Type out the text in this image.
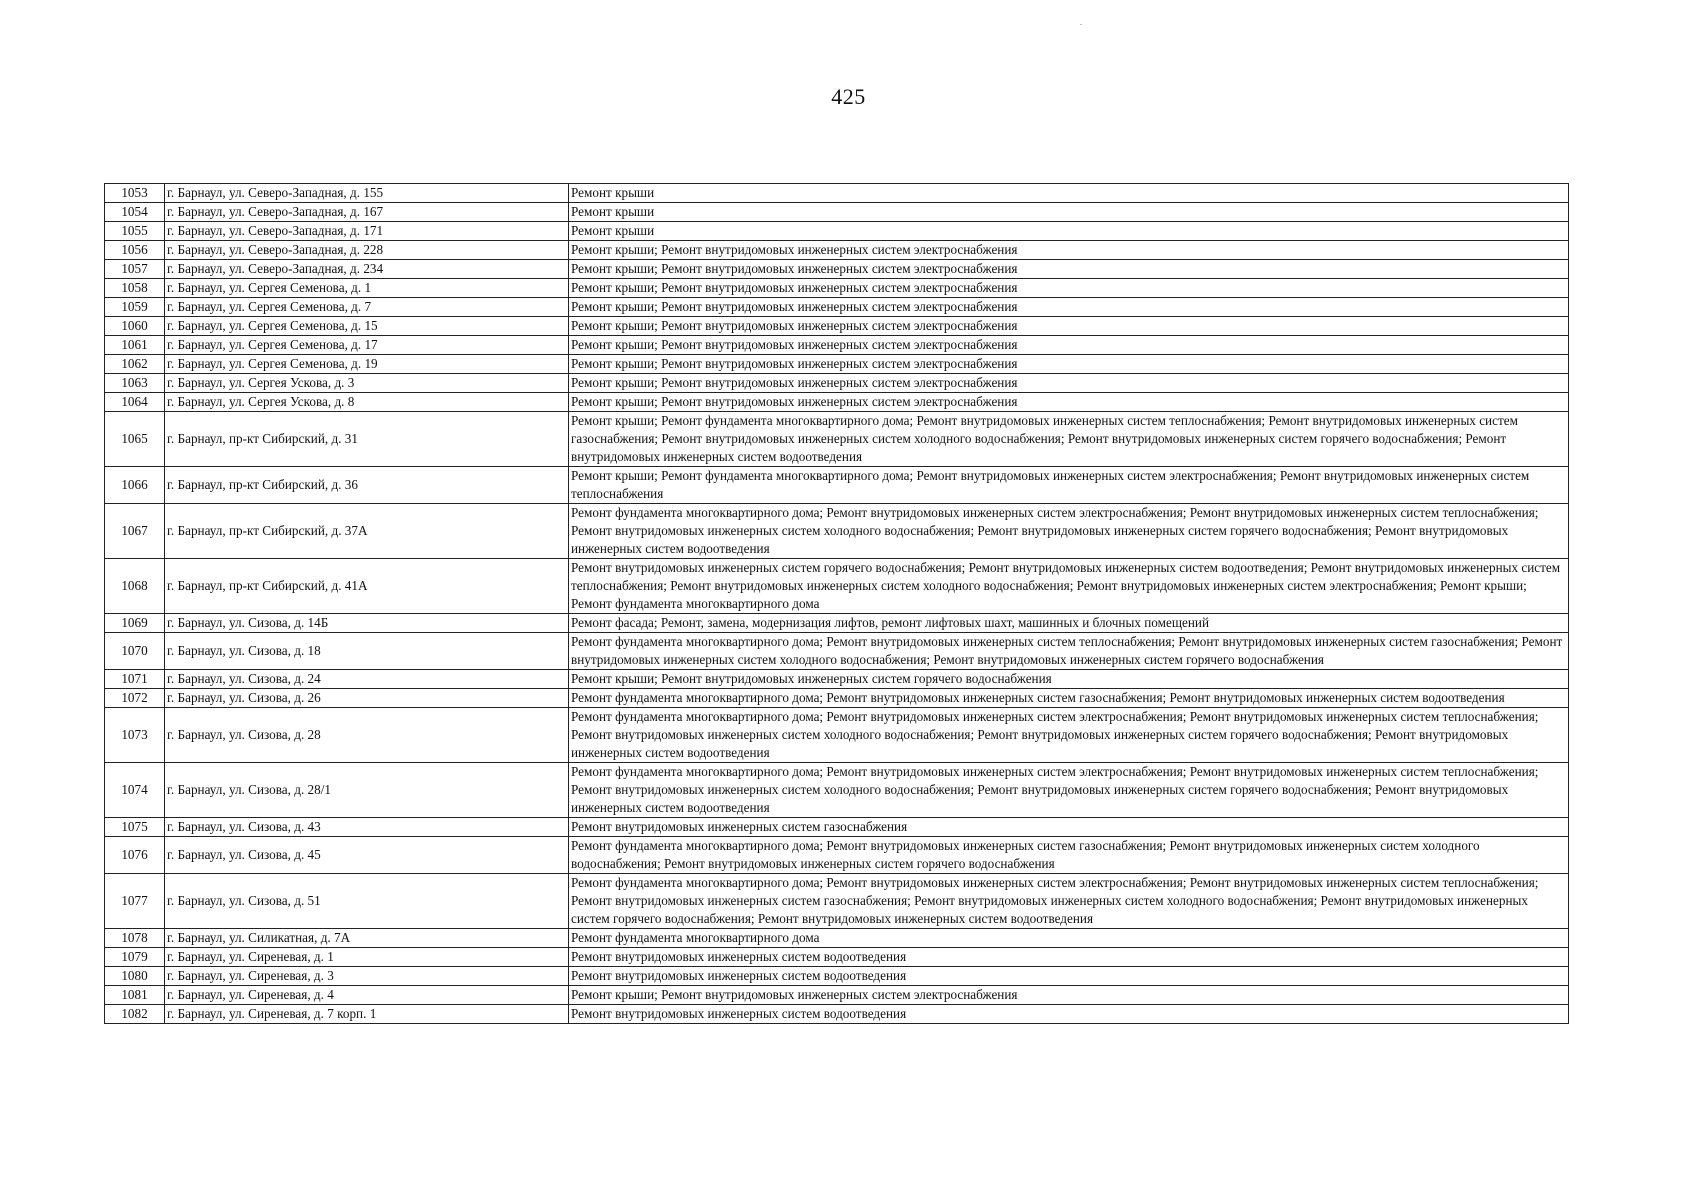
425
1053	г. Барнаул, ул. Северо-Западная, д. 155	Ремонт крыши
1054	г. Барнаул, ул. Северо-Западная, д. 167	Ремонт крыши
1055	г. Барнаул, ул. Северо-Западная, д. 171	Ремонт крыши
1056	г. Барнаул, ул. Северо-Западная, д. 228	Ремонт крыши; Ремонт внутридомовых инженерных систем электроснабжения
1057	г. Барнаул, ул. Северо-Западная, д. 234	Ремонт крыши; Ремонт внутридомовых инженерных систем электроснабжения
1058	г. Барнаул, ул. Сергея Семенова, д. 1	Ремонт крыши; Ремонт внутридомовых инженерных систем электроснабжения
1059	г. Барнаул, ул. Сергея Семенова, д. 7	Ремонт крыши; Ремонт внутридомовых инженерных систем электроснабжения
1060	г. Барнаул, ул. Сергея Семенова, д. 15	Ремонт крыши; Ремонт внутридомовых инженерных систем электроснабжения
1061	г. Барнаул, ул. Сергея Семенова, д. 17	Ремонт крыши; Ремонт внутридомовых инженерных систем электроснабжения
1062	г. Барнаул, ул. Сергея Семенова, д. 19	Ремонт крыши; Ремонт внутридомовых инженерных систем электроснабжения
1063	г. Барнаул, ул. Сергея Ускова, д. 3	Ремонт крыши; Ремонт внутридомовых инженерных систем электроснабжения
1064	г. Барнаул, ул. Сергея Ускова, д. 8	Ремонт крыши; Ремонт внутридомовых инженерных систем электроснабжения
1065	г. Барнаул, пр-кт Сибирский, д. 31	Ремонт крыши; Ремонт фундамента многоквартирного дома; Ремонт внутридомовых инженерных систем теплоснабжения; Ремонт внутридомовых инженерных систем газоснабжения; Ремонт внутридомовых инженерных систем холодного водоснабжения; Ремонт внутридомовых инженерных систем горячего водоснабжения; Ремонт внутридомовых инженерных систем водоотведения
1066	г. Барнаул, пр-кт Сибирский, д. 36	Ремонт крыши; Ремонт фундамента многоквартирного дома; Ремонт внутридомовых инженерных систем электроснабжения; Ремонт внутридомовых инженерных систем теплоснабжения
1067	г. Барнаул, пр-кт Сибирский, д. 37А	Ремонт фундамента многоквартирного дома; Ремонт внутридомовых инженерных систем электроснабжения; Ремонт внутридомовых инженерных систем теплоснабжения; Ремонт внутридомовых инженерных систем холодного водоснабжения; Ремонт внутридомовых инженерных систем горячего водоснабжения; Ремонт внутридомовых инженерных систем водоотведения
1068	г. Барнаул, пр-кт Сибирский, д. 41А	Ремонт внутридомовых инженерных систем горячего водоснабжения; Ремонт внутридомовых инженерных систем водоотведения; Ремонт внутридомовых инженерных систем теплоснабжения; Ремонт внутридомовых инженерных систем холодного водоснабжения; Ремонт внутридомовых инженерных систем электроснабжения; Ремонт крыши; Ремонт фундамента многоквартирного дома
1069	г. Барнаул, ул. Сизова, д. 14Б	Ремонт фасада; Ремонт, замена, модернизация лифтов, ремонт лифтовых шахт, машинных и блочных помещений
1070	г. Барнаул, ул. Сизова, д. 18	Ремонт фундамента многоквартирного дома; Ремонт внутридомовых инженерных систем теплоснабжения; Ремонт внутридомовых инженерных систем газоснабжения; Ремонт внутридомовых инженерных систем холодного водоснабжения; Ремонт внутридомовых инженерных систем горячего водоснабжения
1071	г. Барнаул, ул. Сизова, д. 24	Ремонт крыши; Ремонт внутридомовых инженерных систем горячего водоснабжения
1072	г. Барнаул, ул. Сизова, д. 26	Ремонт фундамента многоквартирного дома; Ремонт внутридомовых инженерных систем газоснабжения; Ремонт внутридомовых инженерных систем водоотведения
1073	г. Барнаул, ул. Сизова, д. 28	Ремонт фундамента многоквартирного дома; Ремонт внутридомовых инженерных систем электроснабжения; Ремонт внутридомовых инженерных систем теплоснабжения; Ремонт внутридомовых инженерных систем холодного водоснабжения; Ремонт внутридомовых инженерных систем горячего водоснабжения; Ремонт внутридомовых инженерных систем водоотведения
1074	г. Барнаул, ул. Сизова, д. 28/1	Ремонт фундамента многоквартирного дома; Ремонт внутридомовых инженерных систем электроснабжения; Ремонт внутридомовых инженерных систем теплоснабжения; Ремонт внутридомовых инженерных систем холодного водоснабжения; Ремонт внутридомовых инженерных систем горячего водоснабжения; Ремонт внутридомовых инженерных систем водоотведения
1075	г. Барнаул, ул. Сизова, д. 43	Ремонт внутридомовых инженерных систем газоснабжения
1076	г. Барнаул, ул. Сизова, д. 45	Ремонт фундамента многоквартирного дома; Ремонт внутридомовых инженерных систем газоснабжения; Ремонт внутридомовых инженерных систем холодного водоснабжения; Ремонт внутридомовых инженерных систем горячего водоснабжения
1077	г. Барнаул, ул. Сизова, д. 51	Ремонт фундамента многоквартирного дома; Ремонт внутридомовых инженерных систем электроснабжения; Ремонт внутридомовых инженерных систем теплоснабжения; Ремонт внутридомовых инженерных систем газоснабжения; Ремонт внутридомовых инженерных систем холодного водоснабжения; Ремонт внутридомовых инженерных систем горячего водоснабжения; Ремонт внутридомовых инженерных систем водоотведения
1078	г. Барнаул, ул. Силикатная, д. 7А	Ремонт фундамента многоквартирного дома
1079	г. Барнаул, ул. Сиреневая, д. 1	Ремонт внутридомовых инженерных систем водоотведения
1080	г. Барнаул, ул. Сиреневая, д. 3	Ремонт внутридомовых инженерных систем водоотведения
1081	г. Барнаул, ул. Сиреневая, д. 4	Ремонт крыши; Ремонт внутридомовых инженерных систем электроснабжения
1082	г. Барнаул, ул. Сиреневая, д. 7 корп. 1	Ремонт внутридомовых инженерных систем водоотведения
